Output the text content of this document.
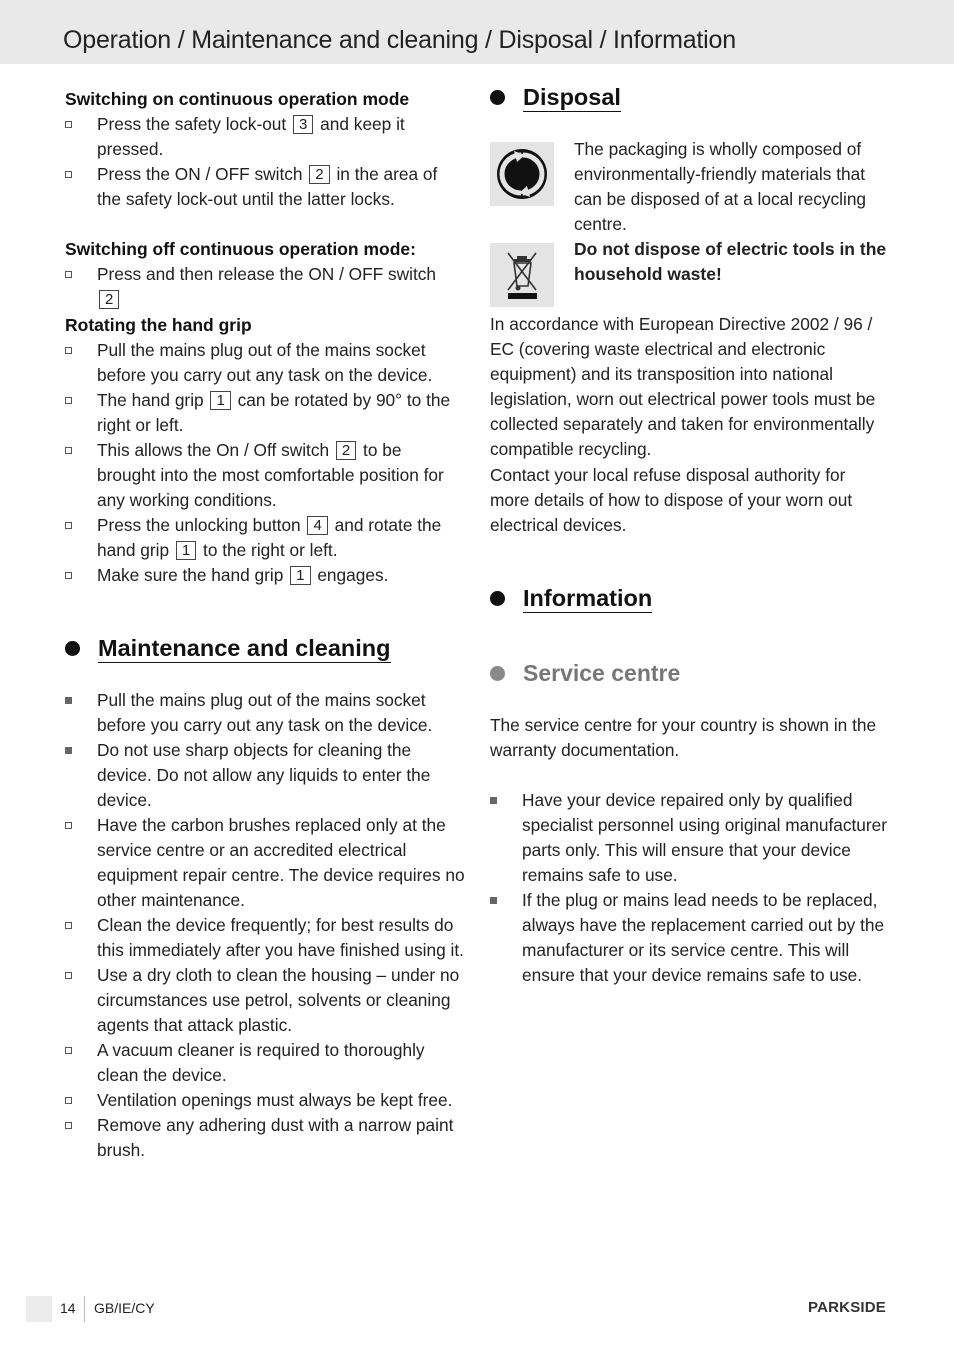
Operation / Maintenance and cleaning / Disposal / Information
Switching on continuous operation mode
Press the safety lock-out 3 and keep it pressed.
Press the ON / OFF switch 2 in the area of the safety lock-out until the latter locks.
Switching off continuous operation mode:
Press and then release the ON / OFF switch 2
Rotating the hand grip
Pull the mains plug out of the mains socket before you carry out any task on the device.
The hand grip 1 can be rotated by 90° to the right or left.
This allows the On / Off switch 2 to be brought into the most comfortable position for any working conditions.
Press the unlocking button 4 and rotate the hand grip 1 to the right or left.
Make sure the hand grip 1 engages.
Maintenance and cleaning
Pull the mains plug out of the mains socket before you carry out any task on the device.
Do not use sharp objects for cleaning the device. Do not allow any liquids to enter the device.
Have the carbon brushes replaced only at the service centre or an accredited electrical equipment repair centre. The device requires no other maintenance.
Clean the device frequently; for best results do this immediately after you have finished using it.
Use a dry cloth to clean the housing – under no circumstances use petrol, solvents or cleaning agents that attack plastic.
A vacuum cleaner is required to thoroughly clean the device.
Ventilation openings must always be kept free.
Remove any adhering dust with a narrow paint brush.
Disposal

The packaging is wholly composed of environmentally-friendly materials that can be disposed of at a local recycling centre.

Do not dispose of electric tools in the household waste!

In accordance with European Directive 2002 / 96 / EC (covering waste electrical and electronic equipment) and its transposition into national legislation, worn out electrical power tools must be collected separately and taken for environmentally compatible recycling.

Contact your local refuse disposal authority for more details of how to dispose of your worn out electrical devices.

Information
Service centre

The service centre for your country is shown in the warranty documentation.

Have your device repaired only by qualified specialist personnel using original manufacturer parts only. This will ensure that your device remains safe to use.
If the plug or mains lead needs to be replaced, always have the replacement carried out by the manufacturer or its service centre. This will ensure that your device remains safe to use.
14 GB/IE/CY	PARKSIDE
